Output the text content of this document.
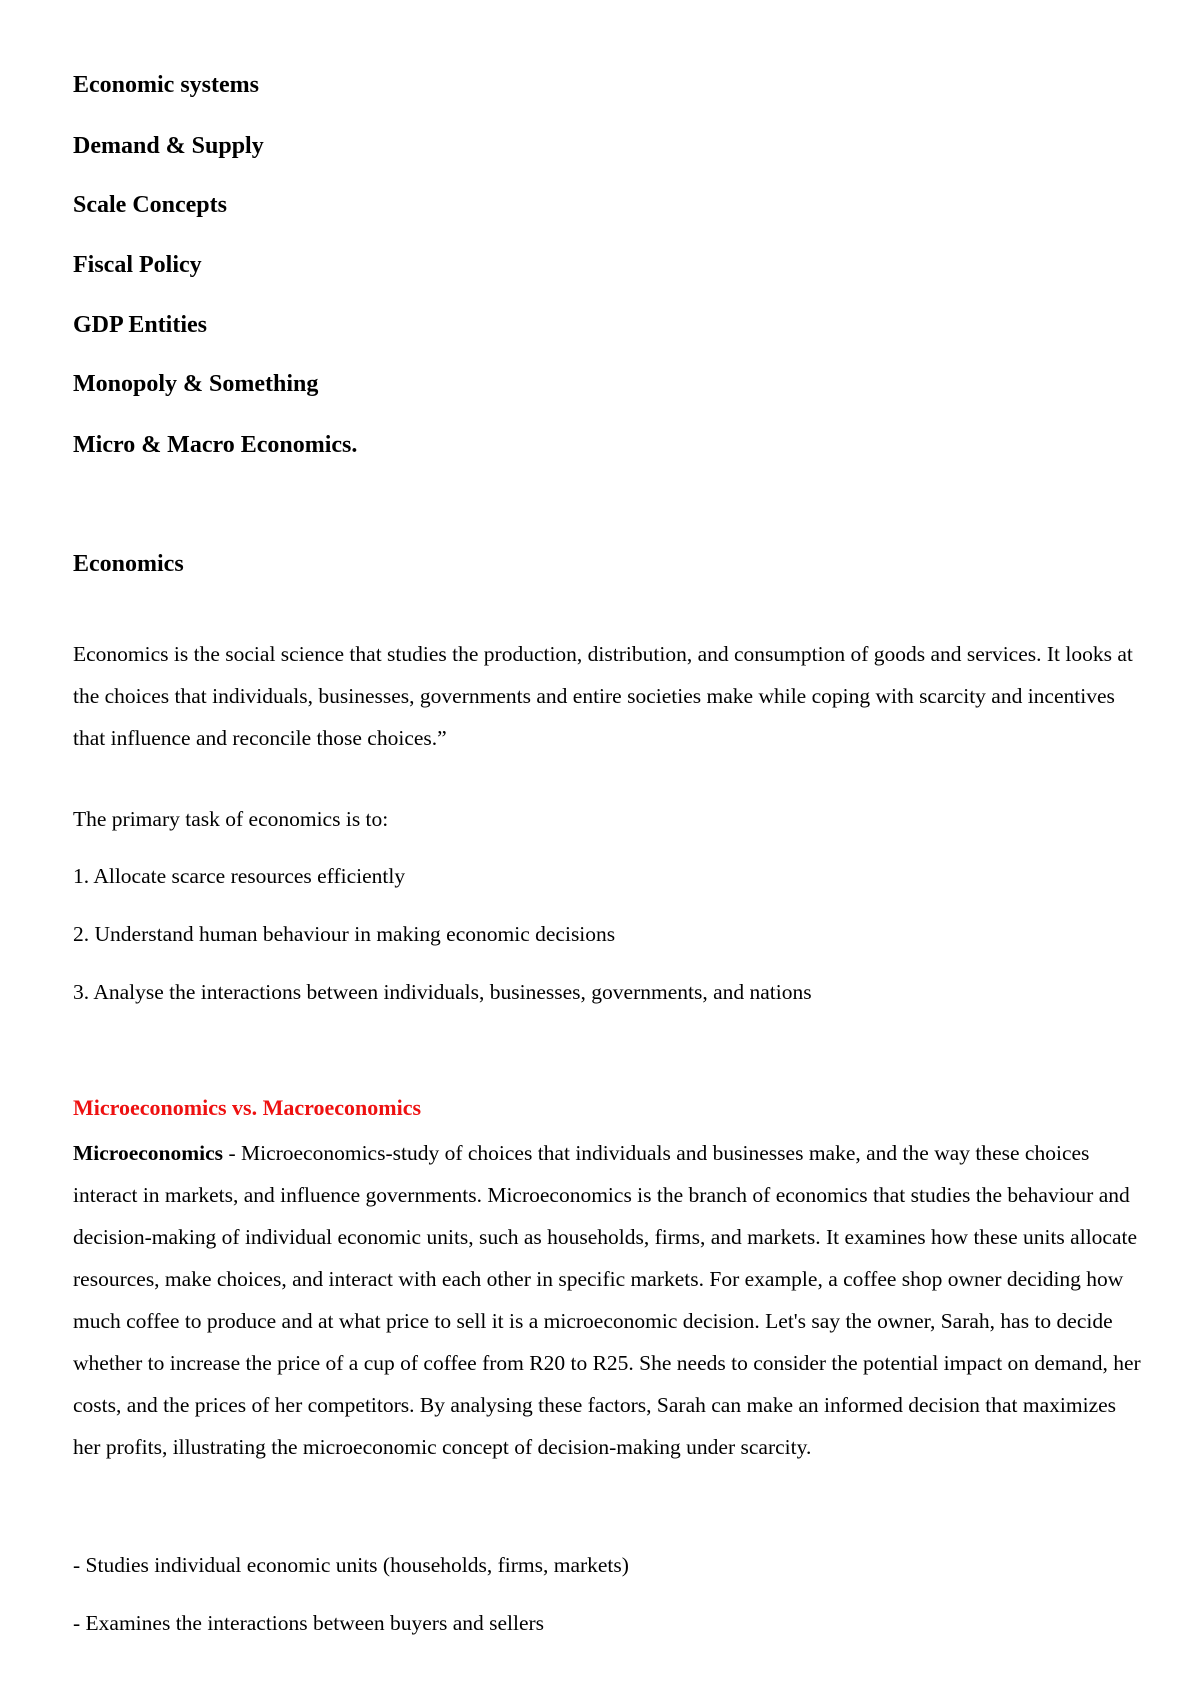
Economic systems

Demand & Supply

Scale Concepts

Fiscal Policy

GDP Entities

Monopoly & Something

Micro & Macro Economics.

Economics

Economics is the social science that studies the production, distribution, and consumption of goods and services. It looks at the choices that individuals, businesses, governments and entire societies make while coping with scarcity and incentives that influence and reconcile those choices.”

The primary task of economics is to:

1. Allocate scarce resources efficiently

2. Understand human behaviour in making economic decisions

3. Analyse the interactions between individuals, businesses, governments, and nations

Microeconomics vs. Macroeconomics

Microeconomics - Microeconomics-study of choices that individuals and businesses make, and the way these choices interact in markets, and influence governments. Microeconomics is the branch of economics that studies the behaviour and decision-making of individual economic units, such as households, firms, and markets. It examines how these units allocate resources, make choices, and interact with each other in specific markets. For example, a coffee shop owner deciding how much coffee to produce and at what price to sell it is a microeconomic decision. Let's say the owner, Sarah, has to decide whether to increase the price of a cup of coffee from R20 to R25. She needs to consider the potential impact on demand, her costs, and the prices of her competitors. By analysing these factors, Sarah can make an informed decision that maximizes her profits, illustrating the microeconomic concept of decision-making under scarcity.

- Studies individual economic units (households, firms, markets)

- Examines the interactions between buyers and sellers
